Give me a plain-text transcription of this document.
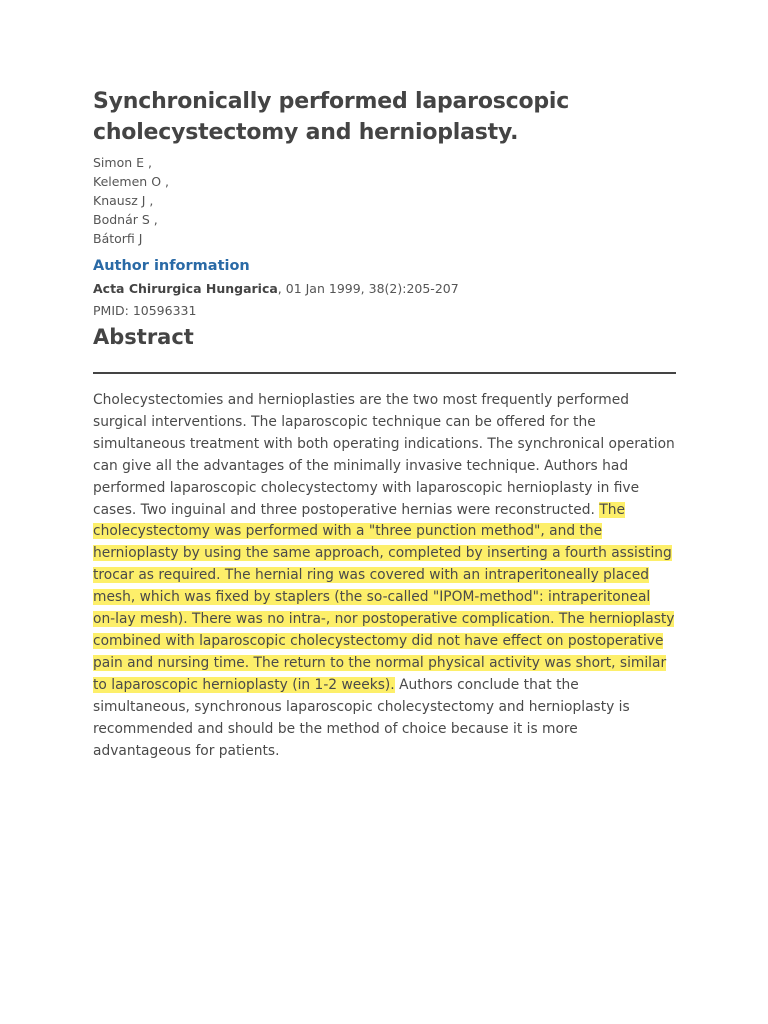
Synchronically performed laparoscopic cholecystectomy and hernioplasty.
Simon E ,
Kelemen O ,
Knausz J ,
Bodnár S ,
Bátorfi J
Author information
Acta Chirurgica Hungarica, 01 Jan 1999, 38(2):205-207
PMID: 10596331
Abstract

Cholecystectomies and hernioplasties are the two most frequently performed surgical interventions. The laparoscopic technique can be offered for the simultaneous treatment with both operating indications. The synchronical operation can give all the advantages of the minimally invasive technique. Authors had performed laparoscopic cholecystectomy with laparoscopic hernioplasty in five cases. Two inguinal and three postoperative hernias were reconstructed. The cholecystectomy was performed with a "three punction method", and the hernioplasty by using the same approach, completed by inserting a fourth assisting trocar as required. The hernial ring was covered with an intraperitoneally placed mesh, which was fixed by staplers (the so-called "IPOM-method": intraperitoneal on-lay mesh). There was no intra-, nor postoperative complication. The hernioplasty combined with laparoscopic cholecystectomy did not have effect on postoperative pain and nursing time. The return to the normal physical activity was short, similar to laparoscopic hernioplasty (in 1-2 weeks). Authors conclude that the simultaneous, synchronous laparoscopic cholecystectomy and hernioplasty is recommended and should be the method of choice because it is more advantageous for patients.
